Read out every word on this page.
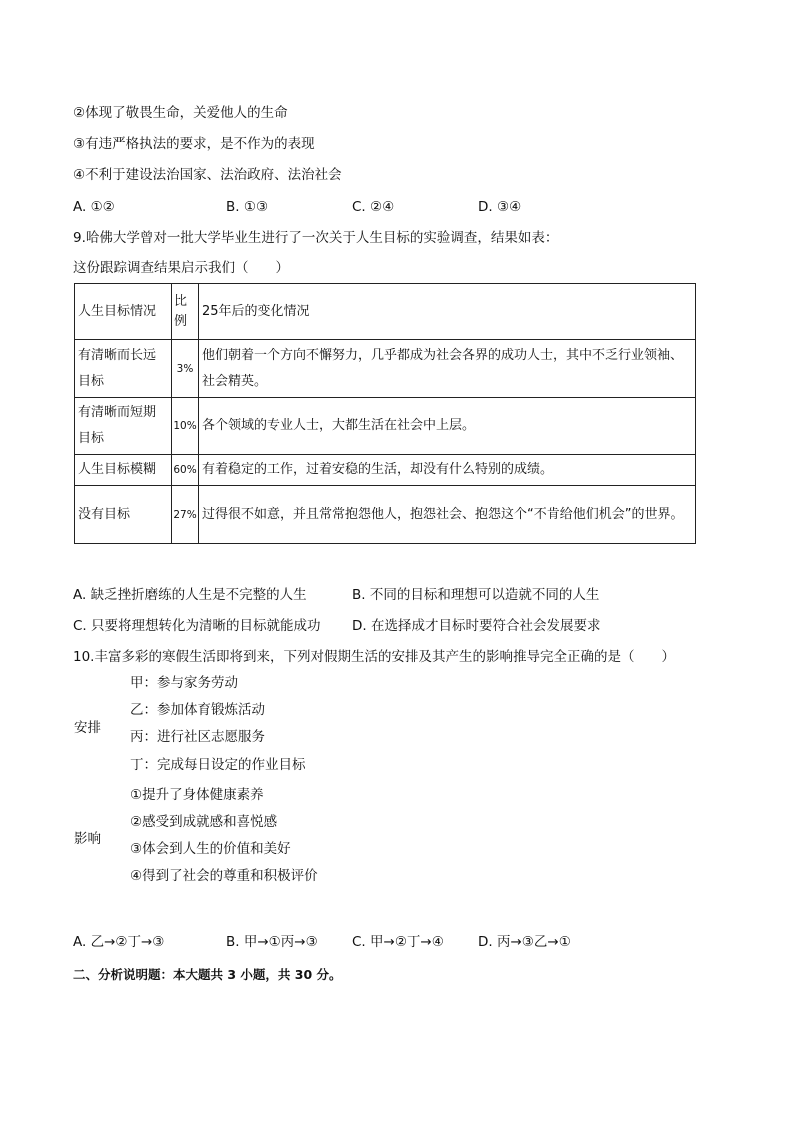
②体现了敬畏生命，关爱他人的生命
③有违严格执法的要求，是不作为的表现
④不利于建设法治国家、法治政府、法治社会
A. ①②	B. ①③	C. ②④	D. ③④
9.哈佛大学曾对一批大学毕业生进行了一次关于人生目标的实验调查，结果如表：
这份跟踪调查结果启示我们（　　）
人生目标情况	比例	25年后的变化情况
有清晰而长远目标	3%	他们朝着一个方向不懈努力，几乎都成为社会各界的成功人士，其中不乏行业领袖、社会精英。
有清晰而短期目标	10%	各个领域的专业人士，大都生活在社会中上层。
人生目标模糊	60%	有着稳定的工作，过着安稳的生活，却没有什么特别的成绩。
没有目标	27%	过得很不如意，并且常常抱怨他人，抱怨社会、抱怨这个“不肯给他们机会”的世界。
A. 缺乏挫折磨练的人生是不完整的人生	B. 不同的目标和理想可以造就不同的人生
C. 只要将理想转化为清晰的目标就能成功 D. 在选择成才目标时要符合社会发展要求
10.丰富多彩的寒假生活即将到来，下列对假期生活的安排及其产生的影响推导完全正确的是（　　）
安排
甲：参与家务劳动
乙：参加体育锻炼活动
丙：进行社区志愿服务
丁：完成每日设定的作业目标
影响
①提升了身体健康素养
②感受到成就感和喜悦感
③体会到人生的价值和美好
④得到了社会的尊重和积极评价
A. 乙→②丁→③	B. 甲→①丙→③	C. 甲→②丁→④	D. 丙→③乙→①
二、分析说明题：本大题共 3 小题，共 30 分。
